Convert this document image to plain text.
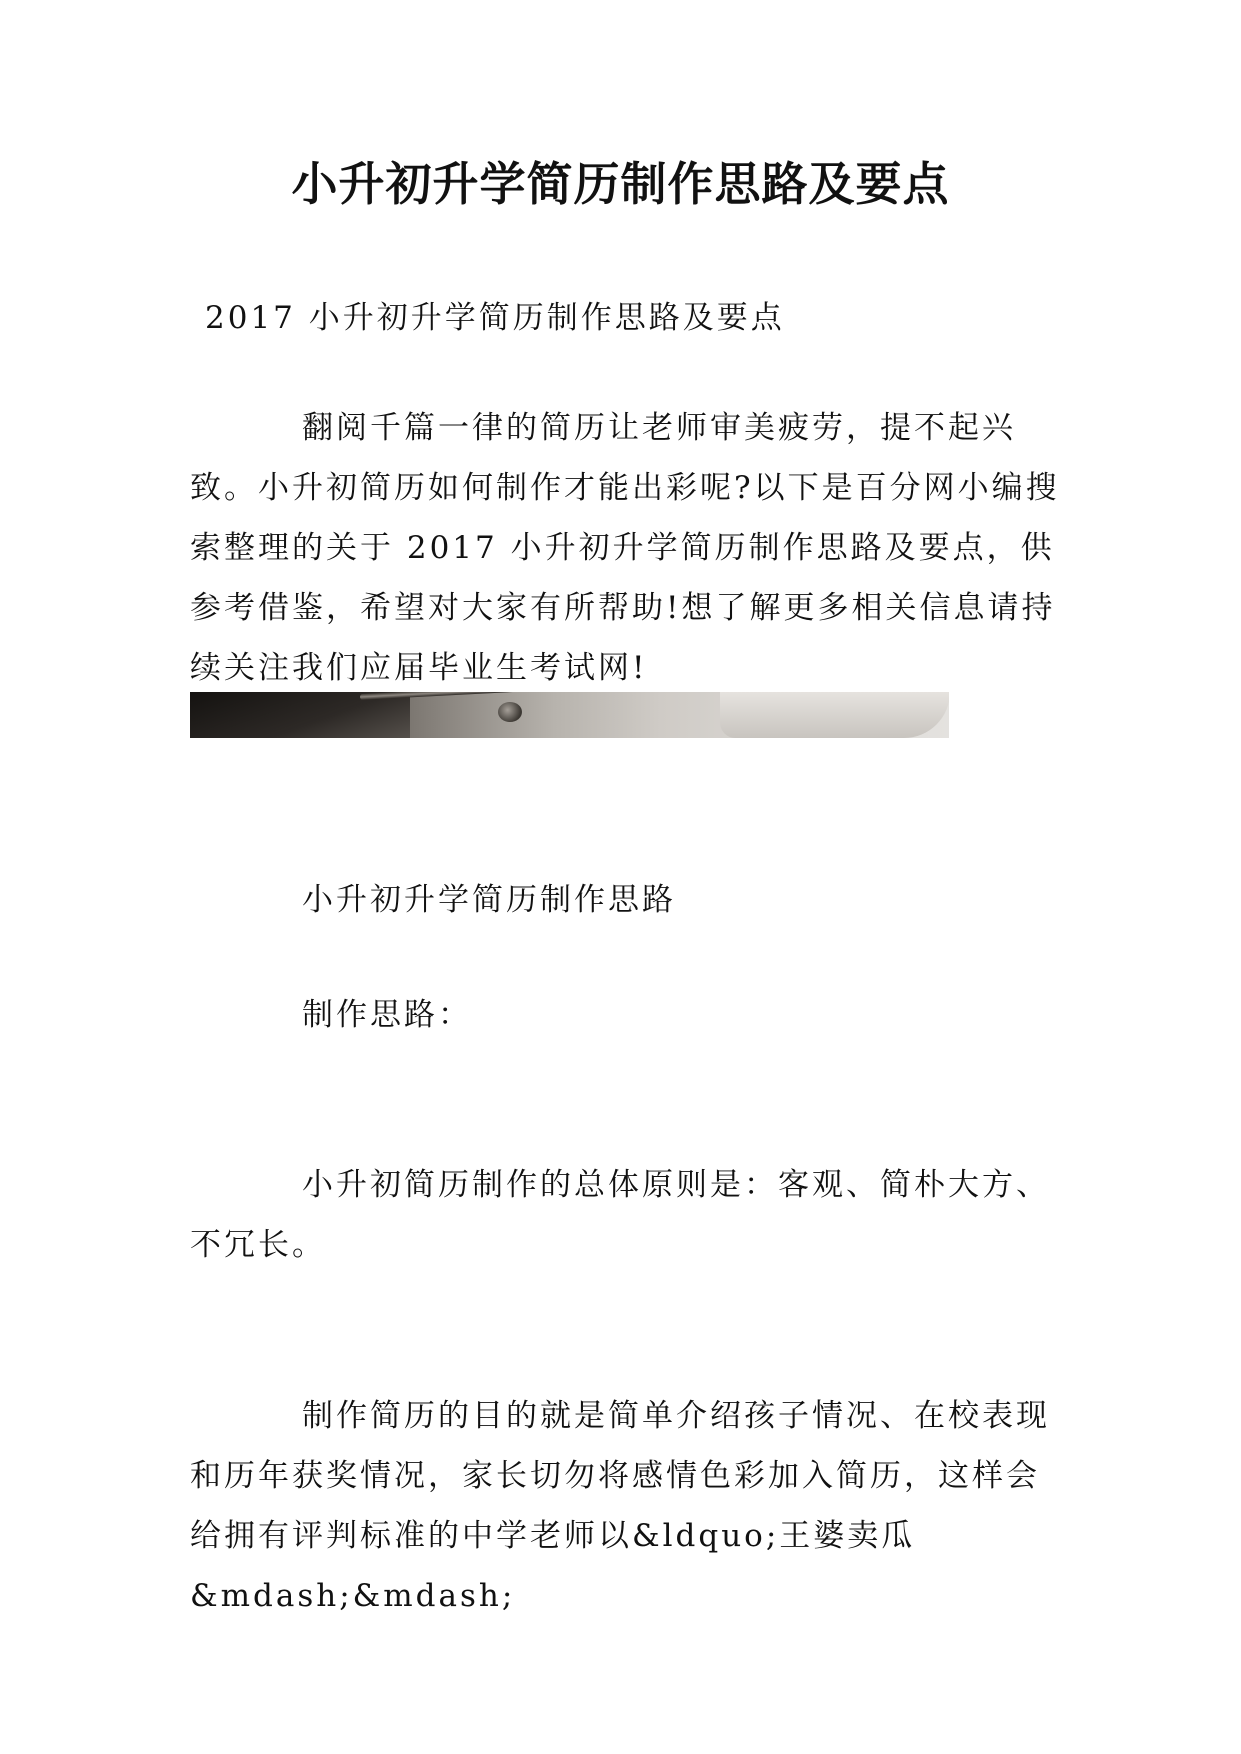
小升初升学简历制作思路及要点
2017 小升初升学简历制作思路及要点
翻阅千篇一律的简历让老师审美疲劳，提不起兴致。小升初简历如何制作才能出彩呢?以下是百分网小编搜索整理的关于 2017 小升初升学简历制作思路及要点，供参考借鉴，希望对大家有所帮助!想了解更多相关信息请持续关注我们应届毕业生考试网!
小升初升学简历制作思路
制作思路：
小升初简历制作的总体原则是：客观、简朴大方、不冗长。
制作简历的目的就是简单介绍孩子情况、在校表现和历年获奖情况，家长切勿将感情色彩加入简历，这样会给拥有评判标准的中学老师以&ldquo;王婆卖瓜&mdash;&mdash;
